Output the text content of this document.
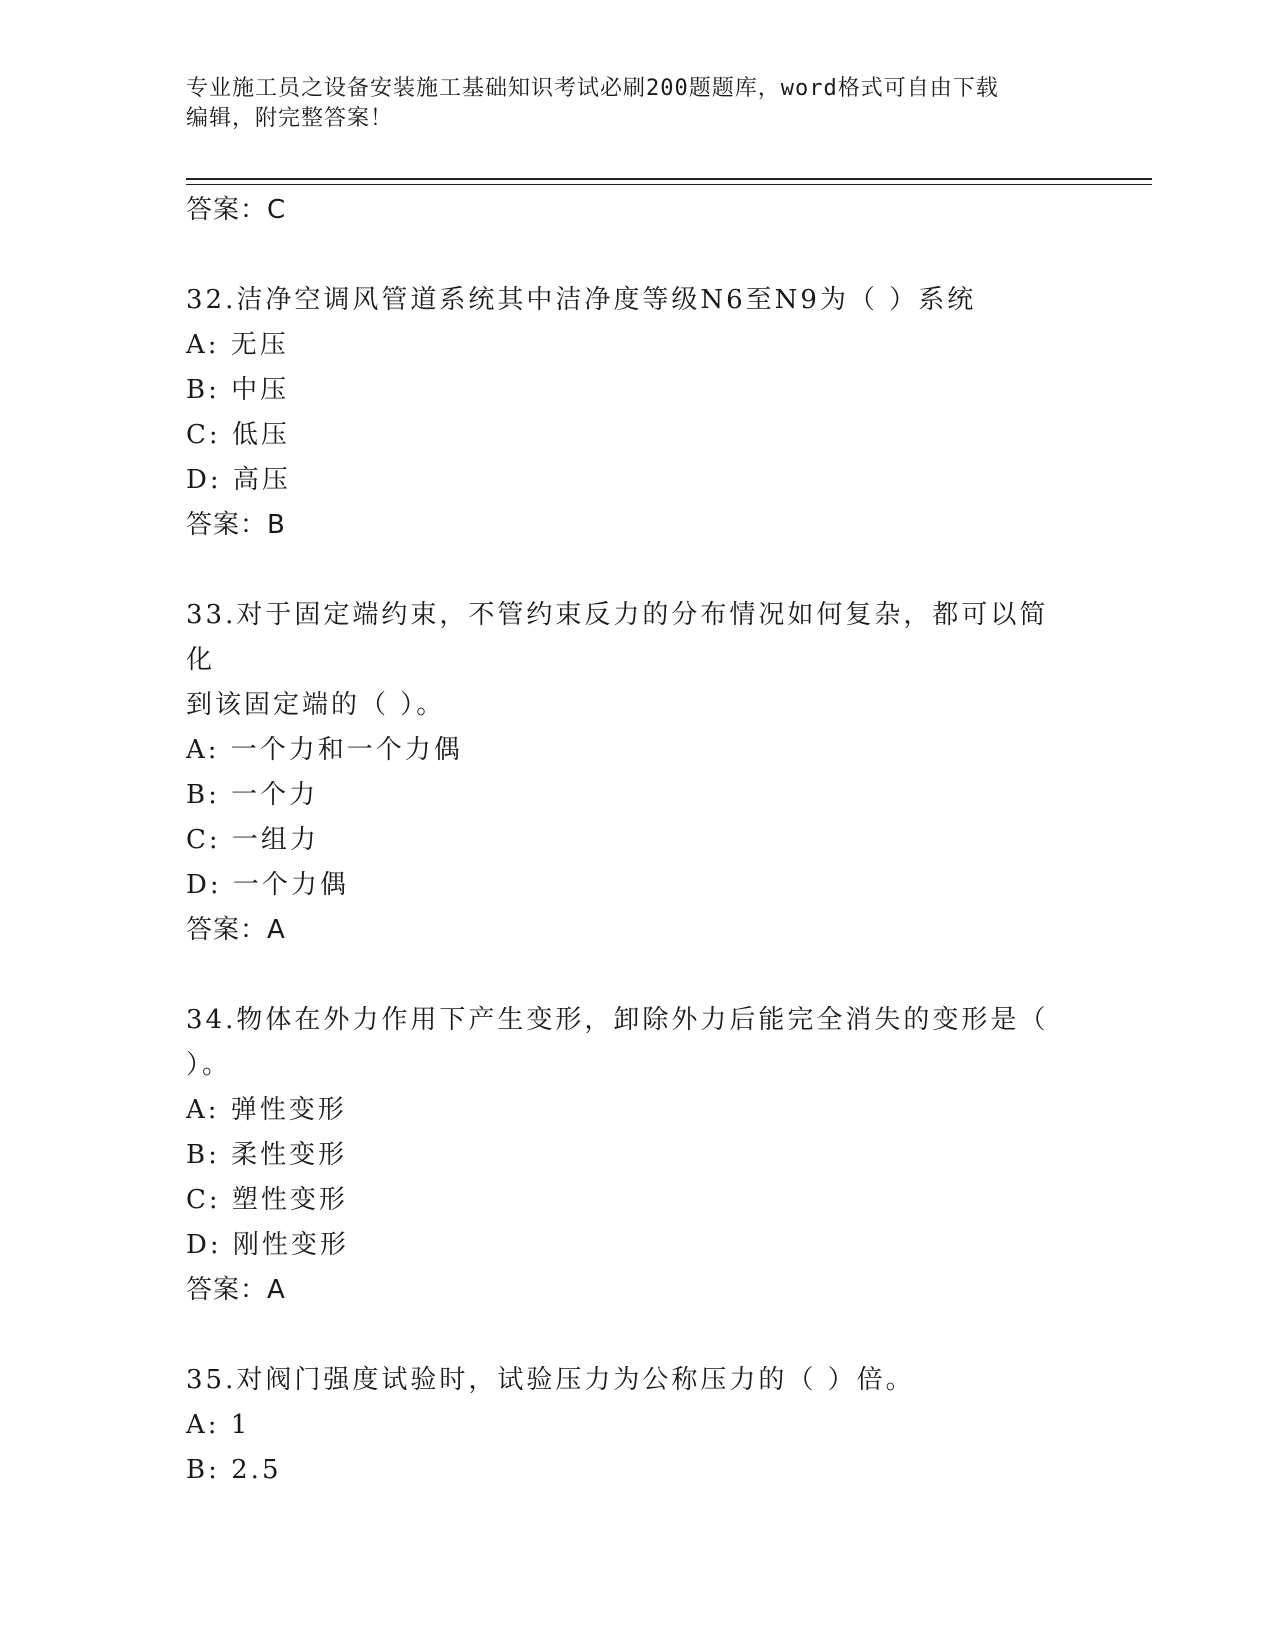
专业施工员之设备安装施工基础知识考试必刷200题题库，word格式可自由下载
编辑，附完整答案！
答案：C
32.洁净空调风管道系统其中洁净度等级N6至N9为（ ）系统
A: 无压
B: 中压
C: 低压
D: 高压
答案：B
33.对于固定端约束，不管约束反力的分布情况如何复杂，都可以简化
到该固定端的（ ）。
A: 一个力和一个力偶
B: 一个力
C: 一组力
D: 一个力偶
答案：A
34.物体在外力作用下产生变形，卸除外力后能完全消失的变形是（
）。
A: 弹性变形
B: 柔性变形
C: 塑性变形
D: 刚性变形
答案：A
35.对阀门强度试验时，试验压力为公称压力的（ ）倍。
A: 1
B: 2.5
